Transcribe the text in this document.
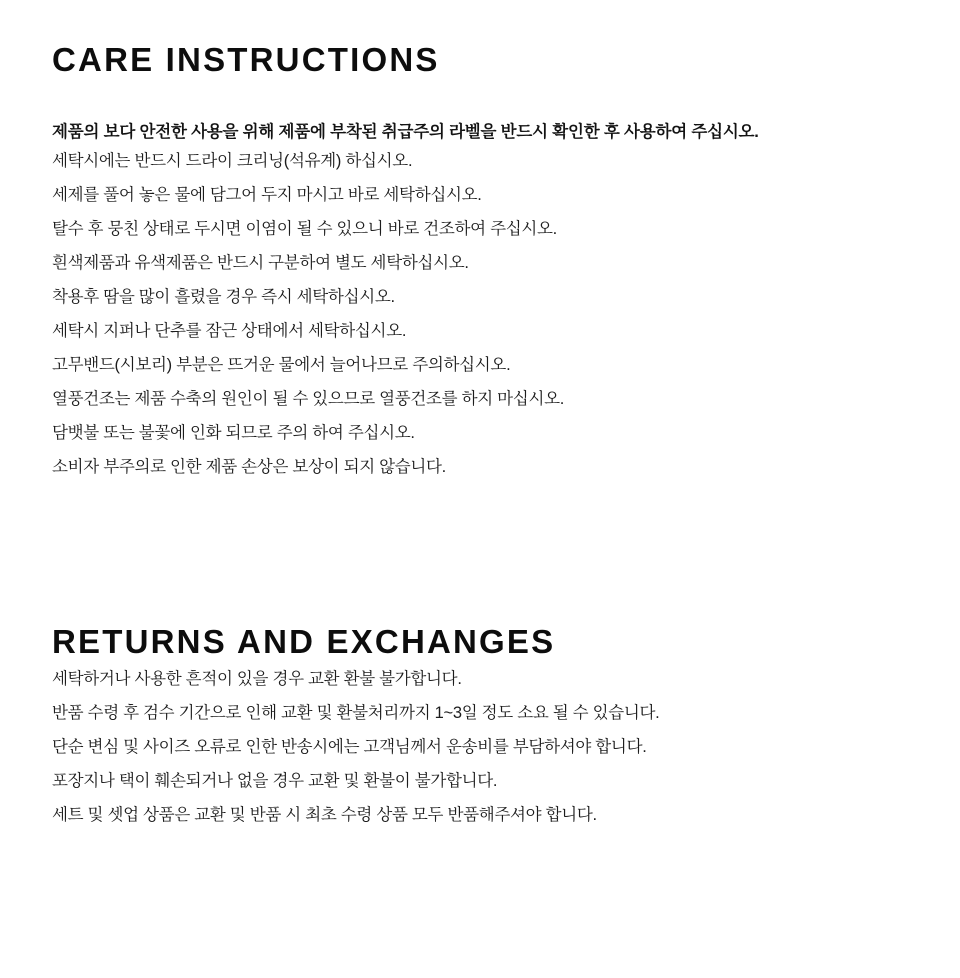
CARE INSTRUCTIONS

제품의 보다 안전한 사용을 위해 제품에 부착된 취급주의 라벨을 반드시 확인한 후 사용하여 주십시오.

세탁시에는 반드시 드라이 크리닝(석유계) 하십시오.
세제를 풀어 놓은 물에 담그어 두지 마시고 바로 세탁하십시오.
탈수 후 뭉친 상태로 두시면 이염이 될 수 있으니 바로 건조하여 주십시오.
흰색제품과 유색제품은 반드시 구분하여 별도 세탁하십시오.
착용후 땀을 많이 흘렸을 경우 즉시 세탁하십시오.
세탁시 지퍼나 단추를 잠근 상태에서 세탁하십시오.
고무밴드(시보리) 부분은 뜨거운 물에서 늘어나므로 주의하십시오.
열풍건조는 제품 수축의 원인이 될 수 있으므로 열풍건조를 하지 마십시오.
담뱃불 또는 불꽃에 인화 되므로 주의 하여 주십시오.
소비자 부주의로 인한 제품 손상은 보상이 되지 않습니다.
RETURNS AND EXCHANGES
세탁하거나 사용한 흔적이 있을 경우 교환 환불 불가합니다.
반품 수령 후 검수 기간으로 인해 교환 및 환불처리까지 1~3일 정도 소요 될 수 있습니다.
단순 변심 및 사이즈 오류로 인한 반송시에는 고객님께서 운송비를 부담하셔야 합니다.
포장지나 택이 훼손되거나 없을 경우 교환 및 환불이 불가합니다.
세트 및 셋업 상품은 교환 및 반품 시 최초 수령 상품 모두 반품해주셔야 합니다.
